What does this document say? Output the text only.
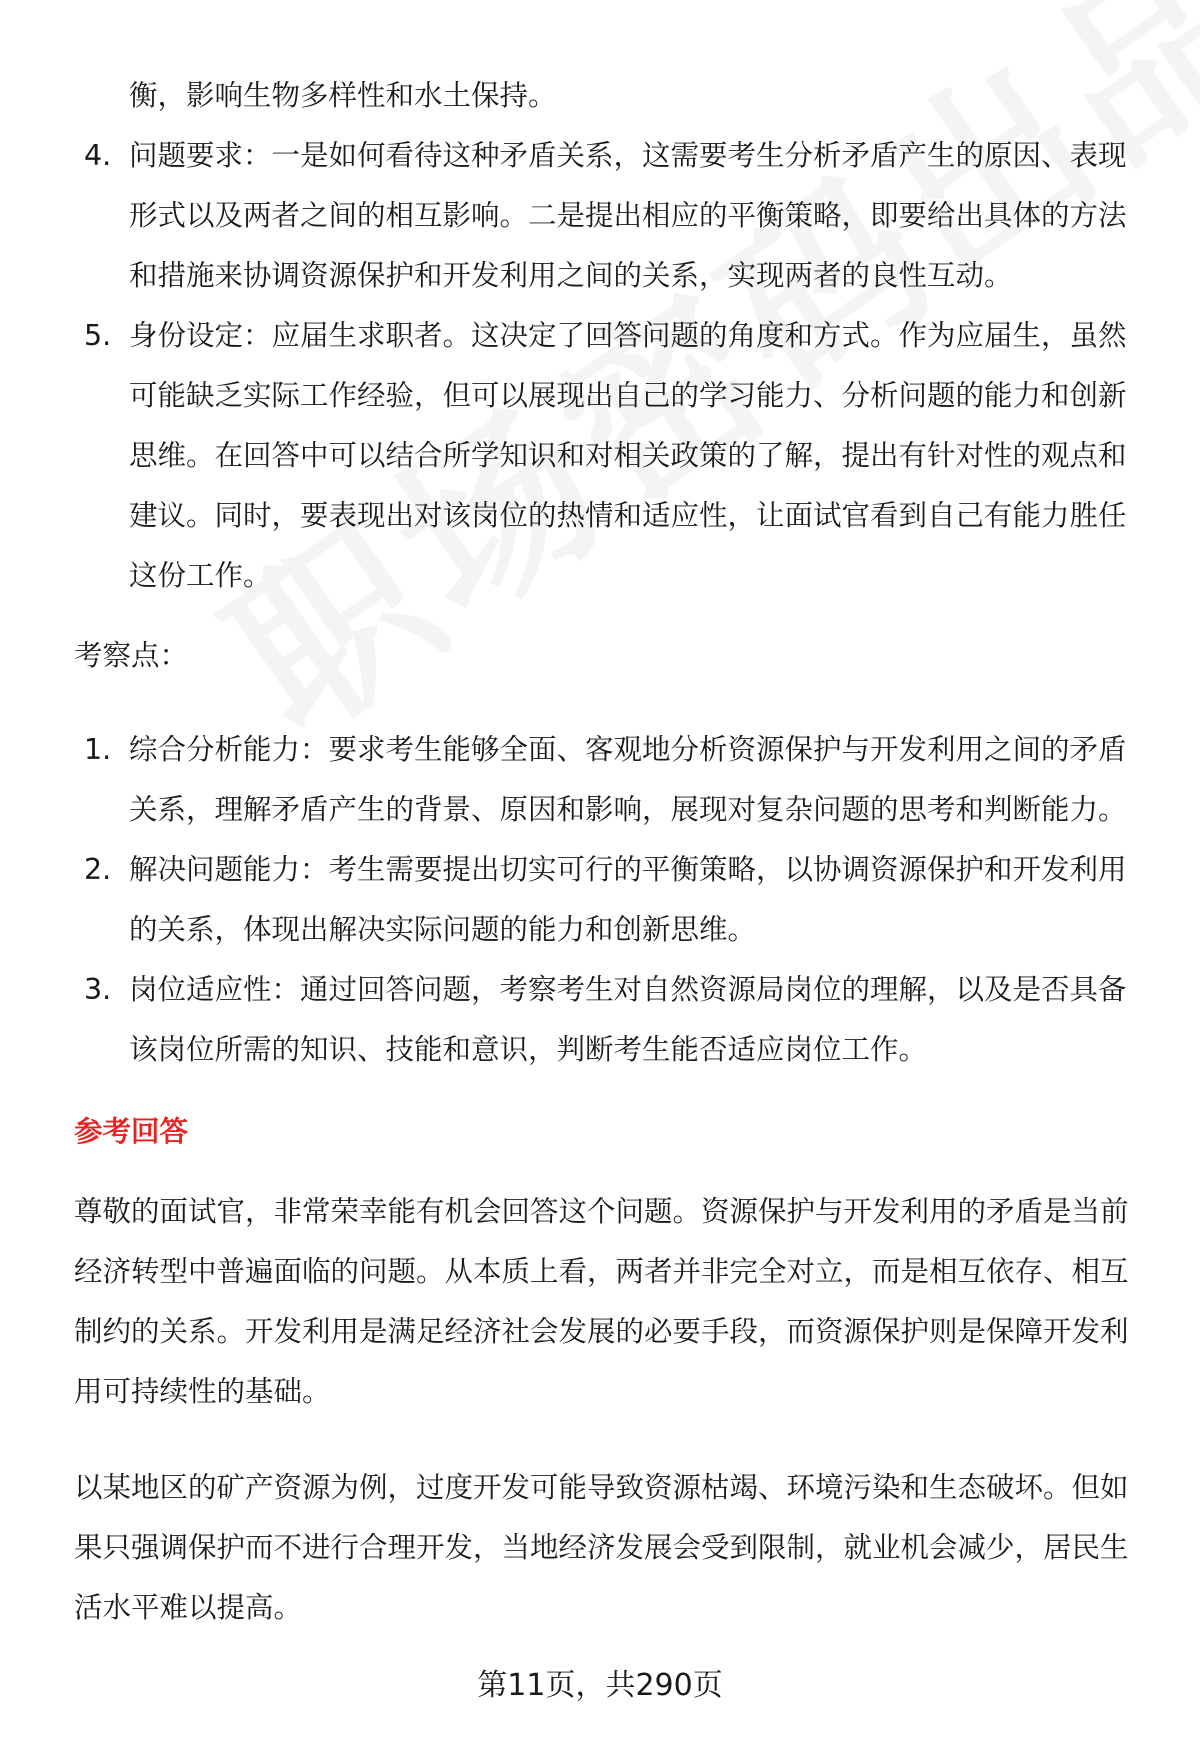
衡，影响生物多样性和水土保持。
4. 问题要求：一是如何看待这种矛盾关系，这需要考生分析矛盾产生的原因、表现形式以及两者之间的相互影响。二是提出相应的平衡策略，即要给出具体的方法和措施来协调资源保护和开发利用之间的关系，实现两者的良性互动。
5. 身份设定：应届生求职者。这决定了回答问题的角度和方式。作为应届生，虽然可能缺乏实际工作经验，但可以展现出自己的学习能力、分析问题的能力和创新思维。在回答中可以结合所学知识和对相关政策的了解，提出有针对性的观点和建议。同时，要表现出对该岗位的热情和适应性，让面试官看到自己有能力胜任这份工作。
考察点：
1. 综合分析能力：要求考生能够全面、客观地分析资源保护与开发利用之间的矛盾关系，理解矛盾产生的背景、原因和影响，展现对复杂问题的思考和判断能力。
2. 解决问题能力：考生需要提出切实可行的平衡策略，以协调资源保护和开发利用的关系，体现出解决实际问题的能力和创新思维。
3. 岗位适应性：通过回答问题，考察考生对自然资源局岗位的理解，以及是否具备该岗位所需的知识、技能和意识，判断考生能否适应岗位工作。
参考回答
尊敬的面试官，非常荣幸能有机会回答这个问题。资源保护与开发利用的矛盾是当前经济转型中普遍面临的问题。从本质上看，两者并非完全对立，而是相互依存、相互制约的关系。开发利用是满足经济社会发展的必要手段，而资源保护则是保障开发利用可持续性的基础。
以某地区的矿产资源为例，过度开发可能导致资源枯竭、环境污染和生态破坏。但如果只强调保护而不进行合理开发，当地经济发展会受到限制，就业机会减少，居民生活水平难以提高。
第11页，共290页
